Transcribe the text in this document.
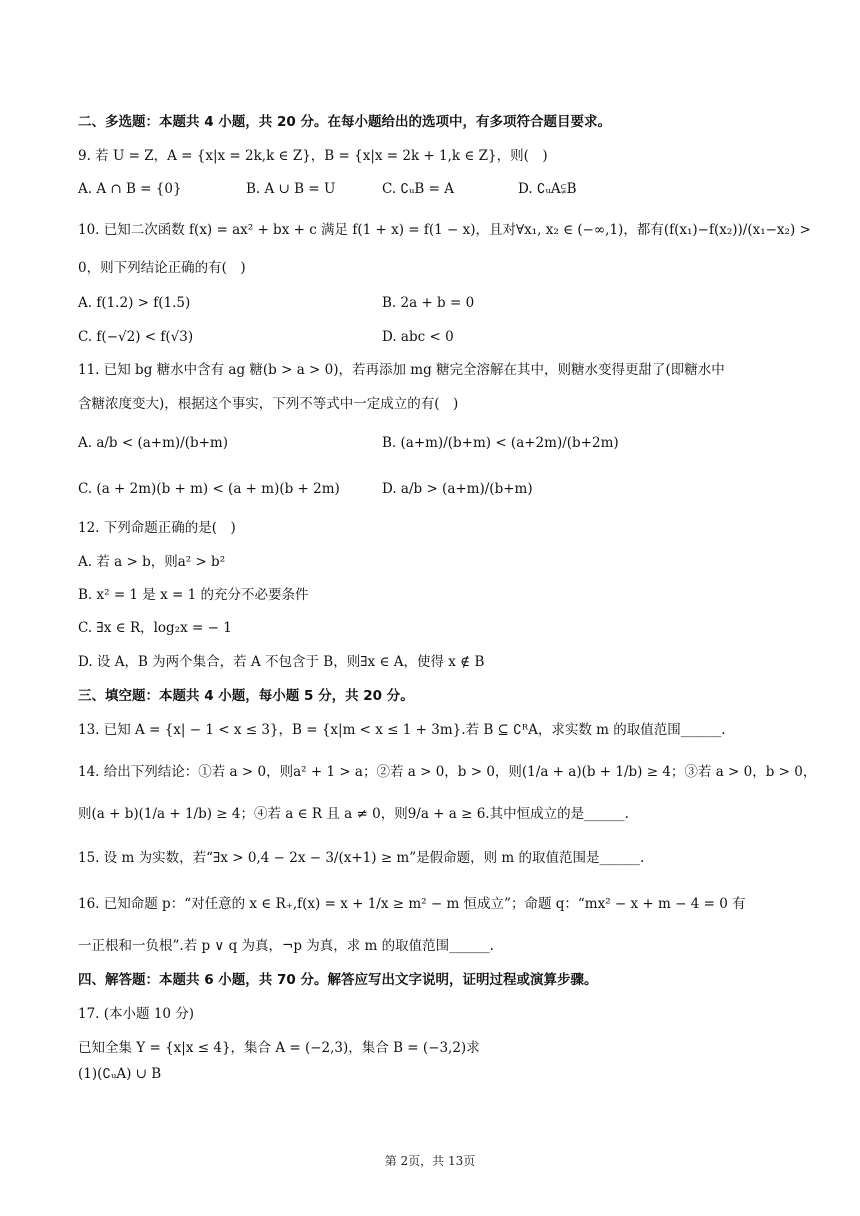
二、多选题：本题共 4 小题，共 20 分。在每小题给出的选项中，有多项符合题目要求。
9. 若 U = Z，A = {x|x = 2k,k ∈ Z}，B = {x|x = 2k + 1,k ∈ Z}，则(　)
A. A ∩ B = {0}	B. A ∪ B = U	C. ∁ᵤB = A	D. ∁ᵤA⫋B
10. 已知二次函数 f(x) = ax² + bx + c 满足 f(1 + x) = f(1 − x)，且对∀x₁, x₂ ∈ (−∞,1)，都有(f(x₁)−f(x₂))/(x₁−x₂) >
0，则下列结论正确的有(　)
A. f(1.2) > f(1.5)	B. 2a + b = 0
C. f(−√2) < f(√3)	D. abc < 0
11. 已知 bg 糖水中含有 ag 糖(b > a > 0)，若再添加 mg 糖完全溶解在其中，则糖水变得更甜了(即糖水中
含糖浓度变大)，根据这个事实，下列不等式中一定成立的有(　)
A. a/b < (a+m)/(b+m)	B. (a+m)/(b+m) < (a+2m)/(b+2m)
C. (a + 2m)(b + m) < (a + m)(b + 2m)	D. a/b > (a+m)/(b+m)
12. 下列命题正确的是(　)
A. 若 a > b，则a² > b²
B. x² = 1 是 x = 1 的充分不必要条件
C. ∃x ∈ R，log₂x = − 1
D. 设 A，B 为两个集合，若 A 不包含于 B，则∃x ∈ A，使得 x ∉ B
三、填空题：本题共 4 小题，每小题 5 分，共 20 分。
13. 已知 A = {x| − 1 < x ≤ 3}，B = {x|m < x ≤ 1 + 3m}.若 B ⊆ ∁ᴿA，求实数 m 的取值范围______.
14. 给出下列结论：①若 a > 0，则a² + 1 > a；②若 a > 0，b > 0，则(1/a + a)(b + 1/b) ≥ 4；③若 a > 0，b > 0，
则(a + b)(1/a + 1/b) ≥ 4；④若 a ∈ R 且 a ≠ 0，则9/a + a ≥ 6.其中恒成立的是______.
15. 设 m 为实数，若“∃x > 0,4 − 2x − 3/(x+1) ≥ m”是假命题，则 m 的取值范围是______.
16. 已知命题 p：“对任意的 x ∈ R₊,f(x) = x + 1/x ≥ m² − m 恒成立”；命题 q：“mx² − x + m − 4 = 0 有
一正根和一负根”.若 p ∨ q 为真，¬p 为真，求 m 的取值范围______.
四、解答题：本题共 6 小题，共 70 分。解答应写出文字说明，证明过程或演算步骤。
17. (本小题 10 分)
已知全集 Y = {x|x ≤ 4}，集合 A = (−2,3)，集合 B = (−3,2)求
(1)(∁ᵤA) ∪ B
第 2页，共 13页
